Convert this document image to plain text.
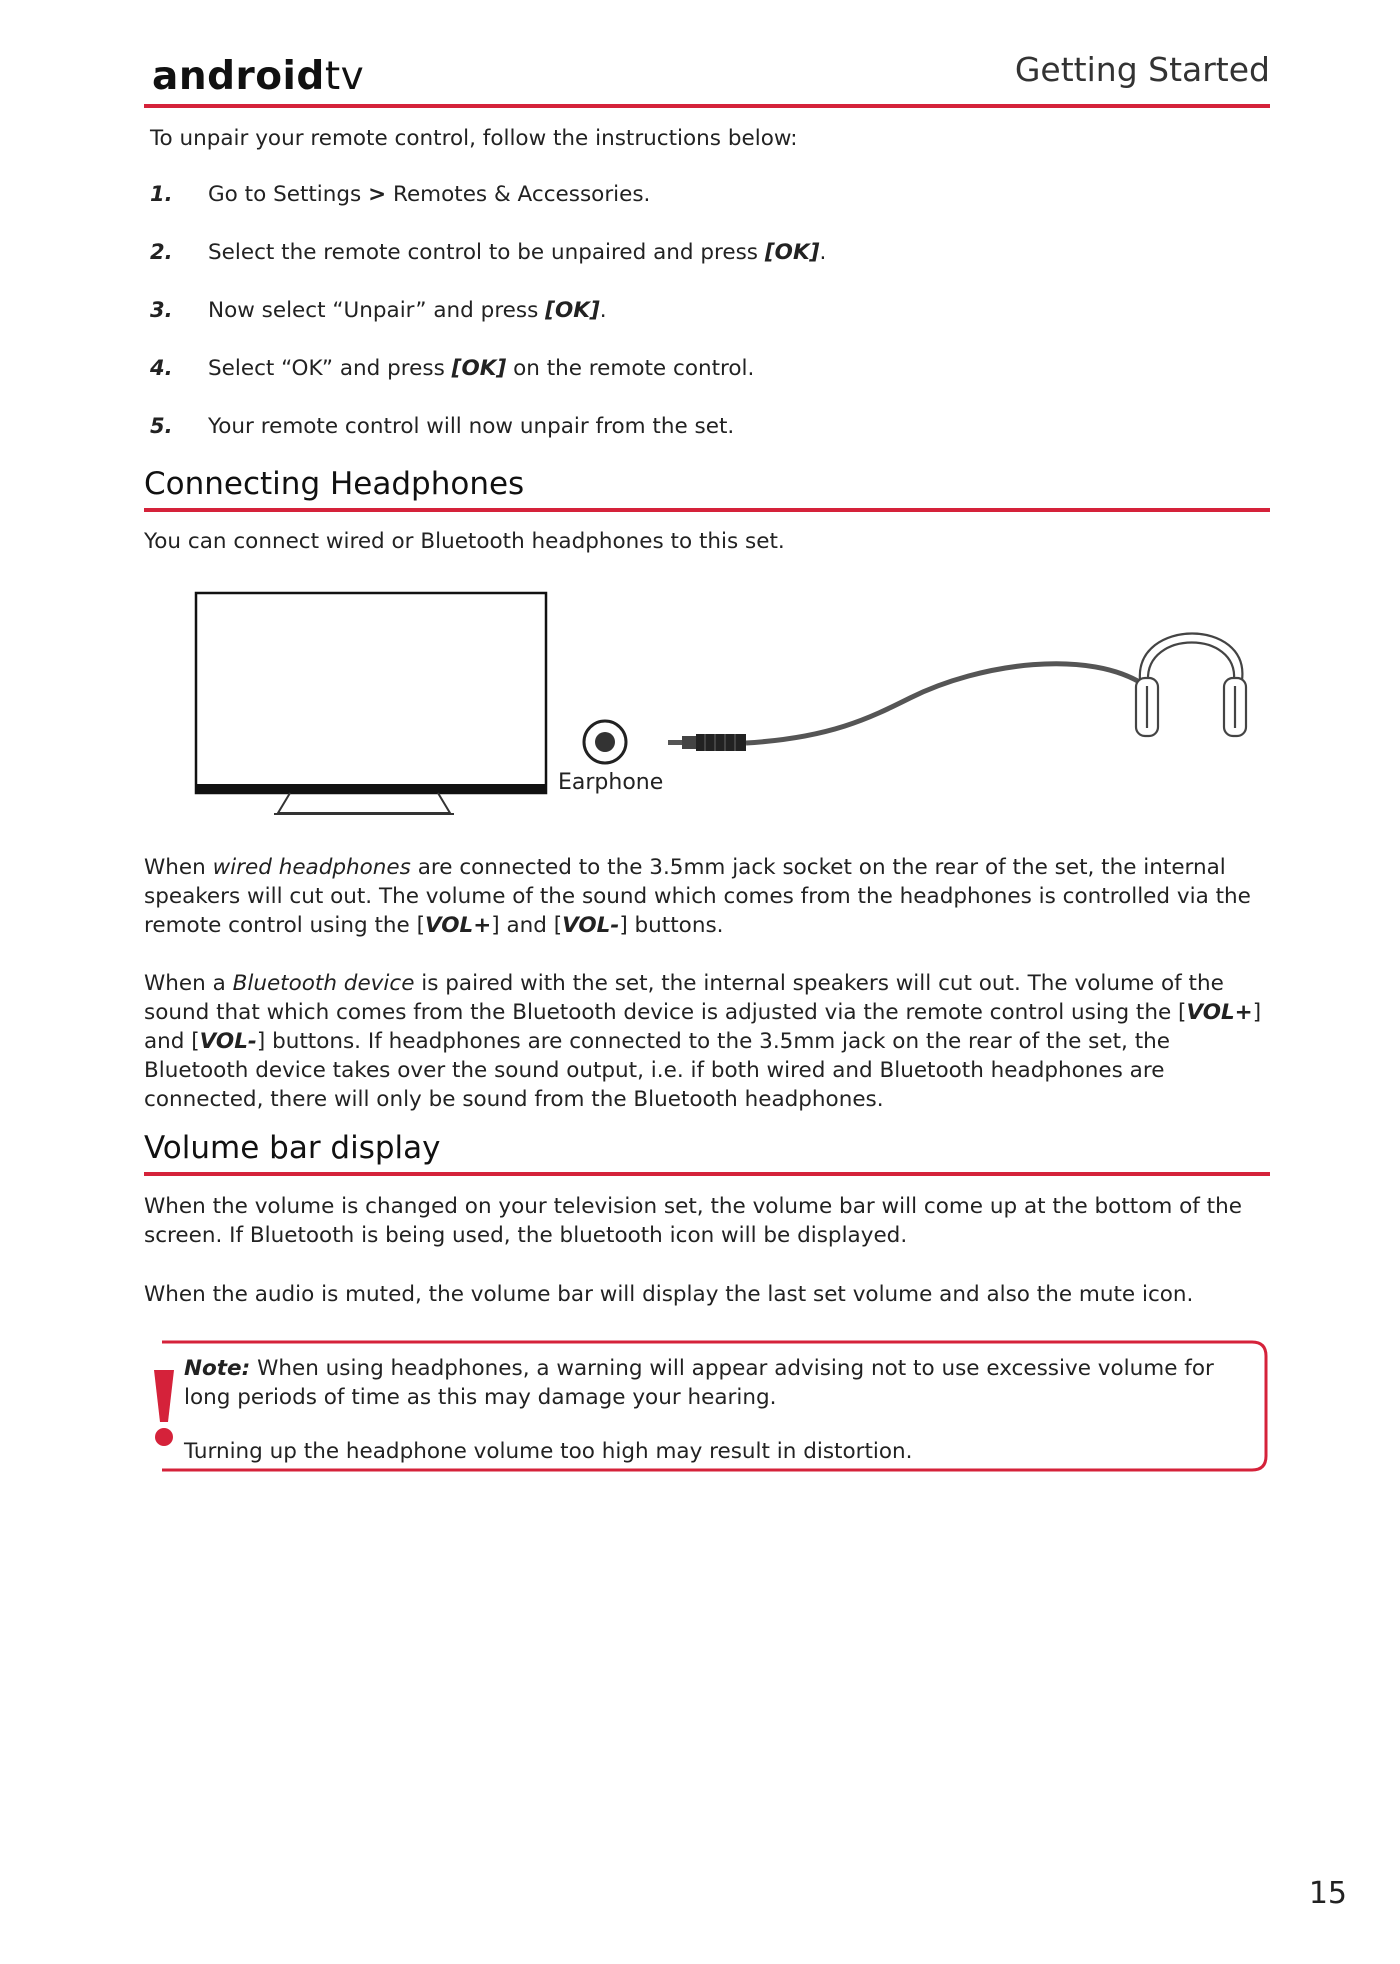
androidtv	Getting Started
To unpair your remote control, follow the instructions below:
1. Go to Settings > Remotes & Accessories.
2. Select the remote control to be unpaired and press [OK].
3. Now select “Unpair” and press [OK].
4. Select “OK” and press [OK] on the remote control.
5. Your remote control will now unpair from the set.
Connecting Headphones
You can connect wired or Bluetooth headphones to this set.
Earphone
When wired headphones are connected to the 3.5mm jack socket on the rear of the set, the internal speakers will cut out. The volume of the sound which comes from the headphones is controlled via the remote control using the [VOL+] and [VOL-] buttons.
When a Bluetooth device is paired with the set, the internal speakers will cut out. The volume of the sound that which comes from the Bluetooth device is adjusted via the remote control using the [VOL+] and [VOL-] buttons. If headphones are connected to the 3.5mm jack on the rear of the set, the Bluetooth device takes over the sound output, i.e. if both wired and Bluetooth headphones are connected, there will only be sound from the Bluetooth headphones.
Volume bar display
When the volume is changed on your television set, the volume bar will come up at the bottom of the screen. If Bluetooth is being used, the bluetooth icon will be displayed.
When the audio is muted, the volume bar will display the last set volume and also the mute icon.
Note: When using headphones, a warning will appear advising not to use excessive volume for long periods of time as this may damage your hearing.
Turning up the headphone volume too high may result in distortion.
15
